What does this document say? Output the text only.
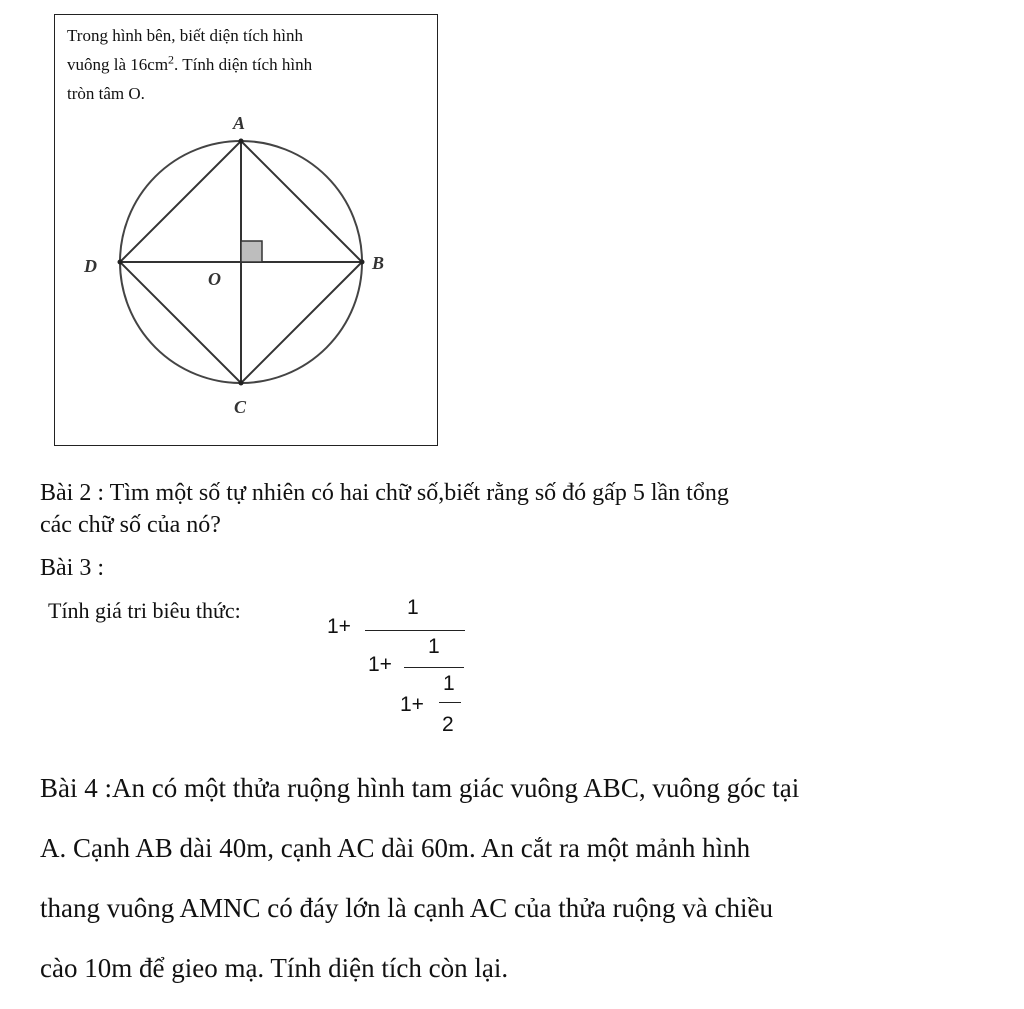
Trong hình bên, biết diện tích hình
vuông là $16cm^2$. Tính diện tích hình
tròn tâm O.
A
B
C
D
O
Bài 2 : Tìm một số tự nhiên có hai chữ số,biết rằng số đó gấp 5 lần tổng
các chữ số của nó?
Bài 3 :
Tính giá tri biêu thức:
1+
1
1+
1
1+
1
2
Bài 4 :An có một thửa ruộng hình tam giác vuông ABC, vuông góc tại
A. Cạnh AB dài 40m, cạnh AC dài 60m. An cắt ra một mảnh hình
thang vuông AMNC có đáy lớn là cạnh AC của thửa ruộng và chiều
cào 10m để gieo mạ. Tính diện tích còn lại.
